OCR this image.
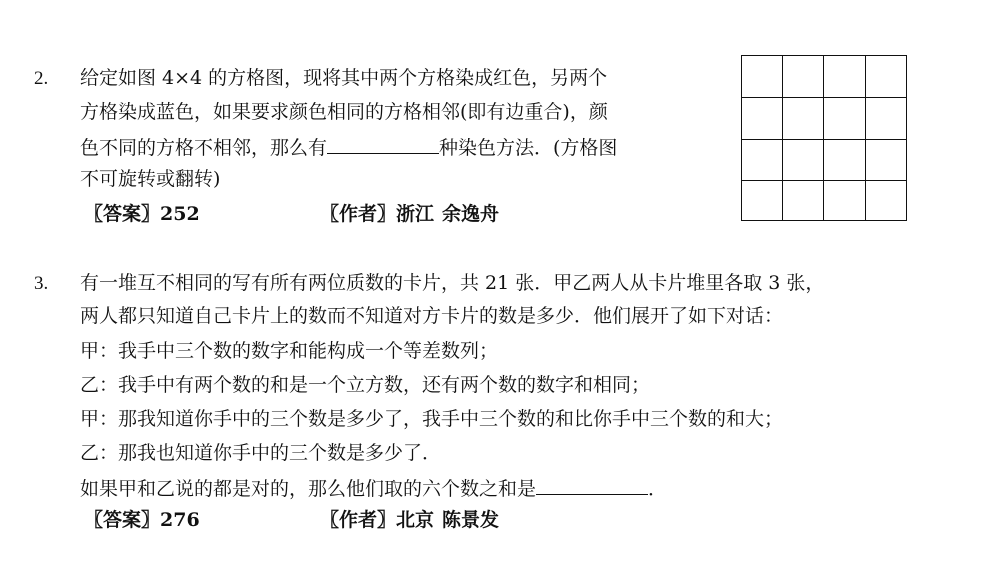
2. 给定如图 4×4 的方格图，现将其中两个方格染成红色，另两个
方格染成蓝色，如果要求颜色相同的方格相邻(即有边重合)，颜
色不同的方格不相邻，那么有	种染色方法．(方格图
不可旋转或翻转)
〖答案〗252	〖作者〗浙江 余逸舟
3. 有一堆互不相同的写有所有两位质数的卡片，共 21 张．甲乙两人从卡片堆里各取 3 张，
两人都只知道自己卡片上的数而不知道对方卡片的数是多少．他们展开了如下对话：
甲：我手中三个数的数字和能构成一个等差数列；
乙：我手中有两个数的和是一个立方数，还有两个数的数字和相同；
甲：那我知道你手中的三个数是多少了，我手中三个数的和比你手中三个数的和大；
乙：那我也知道你手中的三个数是多少了．
如果甲和乙说的都是对的，那么他们取的六个数之和是	．
〖答案〗276	〖作者〗北京 陈景发
